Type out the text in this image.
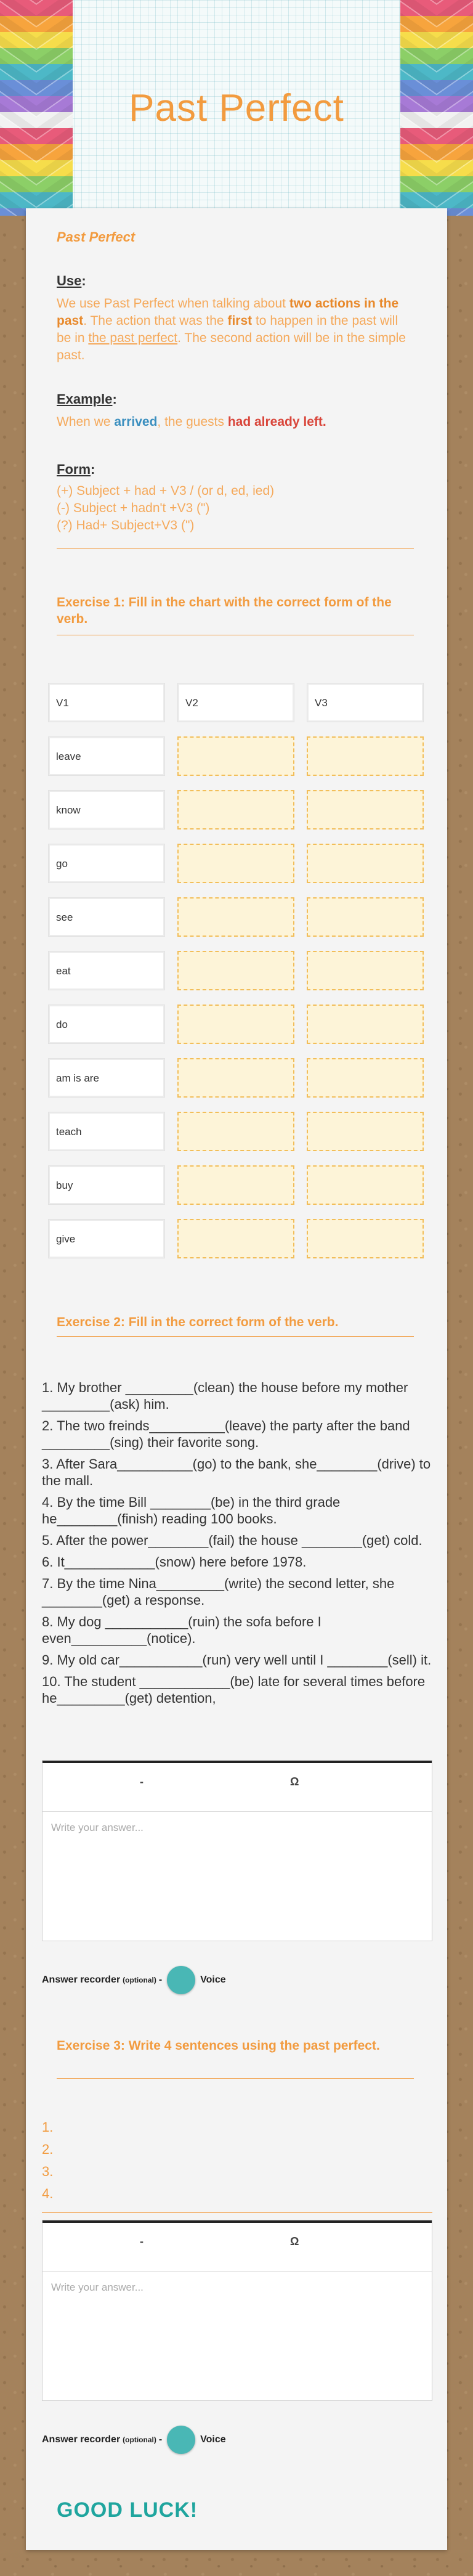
Past Perfect
Past Perfect
Use:
We use Past Perfect when talking about two actions in the past. The action that was the first to happen in the past will be in the past perfect. The second action will be in the simple past.
Example:
When we arrived, the guests had already left.
Form:
(+) Subject + had + V3 / (or d, ed, ied)
(-) Subject + hadn't +V3 (")
(?) Had+ Subject+V3 (")
Exercise 1: Fill in the chart with the correct form of the verb.
V1	V2	V3
leave
know
go
see
eat
do
am is are
teach
buy
give
Exercise 2: Fill in the correct form of the verb.

1. My brother _________(clean) the house before my mother _________(ask) him.

2. The two freinds__________(leave) the party after the band _________(sing) their favorite song.

3. After Sara__________(go) to the bank, she________(drive) to the mall.

4. By the time Bill ________(be) in the third grade he________(finish) reading 100 books.

5. After the power________(fail) the house ________(get) cold.

6. It____________(snow) here before 1978.

7. By the time Nina_________(write) the second letter, she ________(get) a response.

8. My dog ___________(ruin) the sofa before I even__________(notice).

9. My old car___________(run) very well until I ________(sell) it.

10. The student ____________(be) late for several times before he_________(get) detention,

-	Ω
Write your answer...
Answer recorder (optional) -	Voice
Exercise 3: Write 4 sentences using the past perfect.
1.
2.
3.
4.
-	Ω
Write your answer...
Answer recorder (optional) -	Voice
GOOD LUCK!
